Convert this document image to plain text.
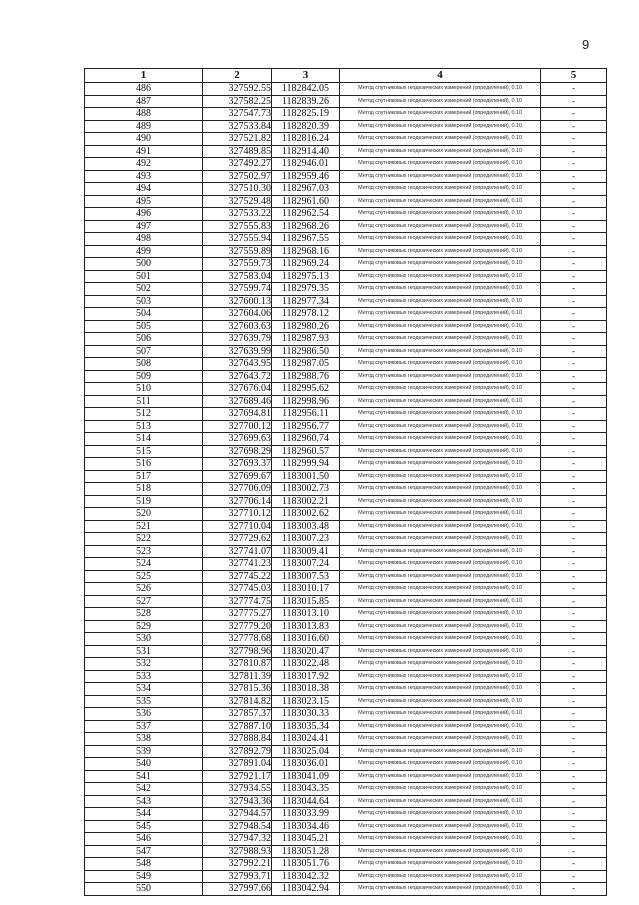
9
1	2	3	4	5
486	327592.55	1182842.05	Метод спутниковых геодезических измерений (определений), 0.10	-
487	327582.25	1182839.26	Метод спутниковых геодезических измерений (определений), 0.10	-
488	327547.73	1182825.19	Метод спутниковых геодезических измерений (определений), 0.10	-
489	327533.84	1182820.39	Метод спутниковых геодезических измерений (определений), 0.10	-
490	327521.82	1182816.24	Метод спутниковых геодезических измерений (определений), 0.10	-
491	327489.85	1182914.40	Метод спутниковых геодезических измерений (определений), 0.10	-
492	327492.27	1182946.01	Метод спутниковых геодезических измерений (определений), 0.10	-
493	327502.97	1182959.46	Метод спутниковых геодезических измерений (определений), 0.10	-
494	327510.30	1182967.03	Метод спутниковых геодезических измерений (определений), 0.10	-
495	327529.48	1182961.60	Метод спутниковых геодезических измерений (определений), 0.10	-
496	327533.22	1182962.54	Метод спутниковых геодезических измерений (определений), 0.10	-
497	327555.83	1182968.26	Метод спутниковых геодезических измерений (определений), 0.10	-
498	327555.94	1182967.55	Метод спутниковых геодезических измерений (определений), 0.10	-
499	327559.89	1182968.16	Метод спутниковых геодезических измерений (определений), 0.10	-
500	327559.73	1182969.24	Метод спутниковых геодезических измерений (определений), 0.10	-
501	327583.04	1182975.13	Метод спутниковых геодезических измерений (определений), 0.10	-
502	327599.74	1182979.35	Метод спутниковых геодезических измерений (определений), 0.10	-
503	327600.13	1182977.34	Метод спутниковых геодезических измерений (определений), 0.10	-
504	327604.06	1182978.12	Метод спутниковых геодезических измерений (определений), 0.10	-
505	327603.63	1182980.26	Метод спутниковых геодезических измерений (определений), 0.10	-
506	327639.79	1182987.93	Метод спутниковых геодезических измерений (определений), 0.10	-
507	327639.99	1182986.50	Метод спутниковых геодезических измерений (определений), 0.10	-
508	327643.95	1182987.05	Метод спутниковых геодезических измерений (определений), 0.10	-
509	327643.72	1182988.76	Метод спутниковых геодезических измерений (определений), 0.10	-
510	327676.04	1182995.62	Метод спутниковых геодезических измерений (определений), 0.10	-
511	327689.46	1182998.96	Метод спутниковых геодезических измерений (определений), 0.10	-
512	327694.81	1182956.11	Метод спутниковых геодезических измерений (определений), 0.10	-
513	327700.12	1182956.77	Метод спутниковых геодезических измерений (определений), 0.10	-
514	327699.63	1182960.74	Метод спутниковых геодезических измерений (определений), 0.10	-
515	327698.29	1182960.57	Метод спутниковых геодезических измерений (определений), 0.10	-
516	327693.37	1182999.94	Метод спутниковых геодезических измерений (определений), 0.10	-
517	327699.67	1183001.50	Метод спутниковых геодезических измерений (определений), 0.10	-
518	327706.09	1183002.73	Метод спутниковых геодезических измерений (определений), 0.10	-
519	327706.14	1183002.21	Метод спутниковых геодезических измерений (определений), 0.10	-
520	327710.12	1183002.62	Метод спутниковых геодезических измерений (определений), 0.10	-
521	327710.04	1183003.48	Метод спутниковых геодезических измерений (определений), 0.10	-
522	327729.62	1183007.23	Метод спутниковых геодезических измерений (определений), 0.10	-
523	327741.07	1183009.41	Метод спутниковых геодезических измерений (определений), 0.10	-
524	327741.23	1183007.24	Метод спутниковых геодезических измерений (определений), 0.10	-
525	327745.22	1183007.53	Метод спутниковых геодезических измерений (определений), 0.10	-
526	327745.03	1183010.17	Метод спутниковых геодезических измерений (определений), 0.10	-
527	327774.75	1183015.85	Метод спутниковых геодезических измерений (определений), 0.10	-
528	327775.27	1183013.10	Метод спутниковых геодезических измерений (определений), 0.10	-
529	327779.20	1183013.83	Метод спутниковых геодезических измерений (определений), 0.10	-
530	327778.68	1183016.60	Метод спутниковых геодезических измерений (определений), 0.10	-
531	327798.96	1183020.47	Метод спутниковых геодезических измерений (определений), 0.10	-
532	327810.87	1183022.48	Метод спутниковых геодезических измерений (определений), 0.10	-
533	327811.39	1183017.92	Метод спутниковых геодезических измерений (определений), 0.10	-
534	327815.36	1183018.38	Метод спутниковых геодезических измерений (определений), 0.10	-
535	327814.82	1183023.15	Метод спутниковых геодезических измерений (определений), 0.10	-
536	327857.37	1183030.33	Метод спутниковых геодезических измерений (определений), 0.10	-
537	327887.10	1183035.34	Метод спутниковых геодезических измерений (определений), 0.10	-
538	327888.84	1183024.41	Метод спутниковых геодезических измерений (определений), 0.10	-
539	327892.79	1183025.04	Метод спутниковых геодезических измерений (определений), 0.10	-
540	327891.04	1183036.01	Метод спутниковых геодезических измерений (определений), 0.10	-
541	327921.17	1183041.09	Метод спутниковых геодезических измерений (определений), 0.10	-
542	327934.55	1183043.35	Метод спутниковых геодезических измерений (определений), 0.10	-
543	327943.36	1183044.64	Метод спутниковых геодезических измерений (определений), 0.10	-
544	327944.57	1183033.99	Метод спутниковых геодезических измерений (определений), 0.10	-
545	327948.54	1183034.46	Метод спутниковых геодезических измерений (определений), 0.10	-
546	327947.32	1183045.21	Метод спутниковых геодезических измерений (определений), 0.10	-
547	327988.93	1183051.28	Метод спутниковых геодезических измерений (определений), 0.10	-
548	327992.21	1183051.76	Метод спутниковых геодезических измерений (определений), 0.10	-
549	327993.71	1183042.32	Метод спутниковых геодезических измерений (определений), 0.10	-
550	327997.66	1183042.94	Метод спутниковых геодезических измерений (определений), 0.10	-
